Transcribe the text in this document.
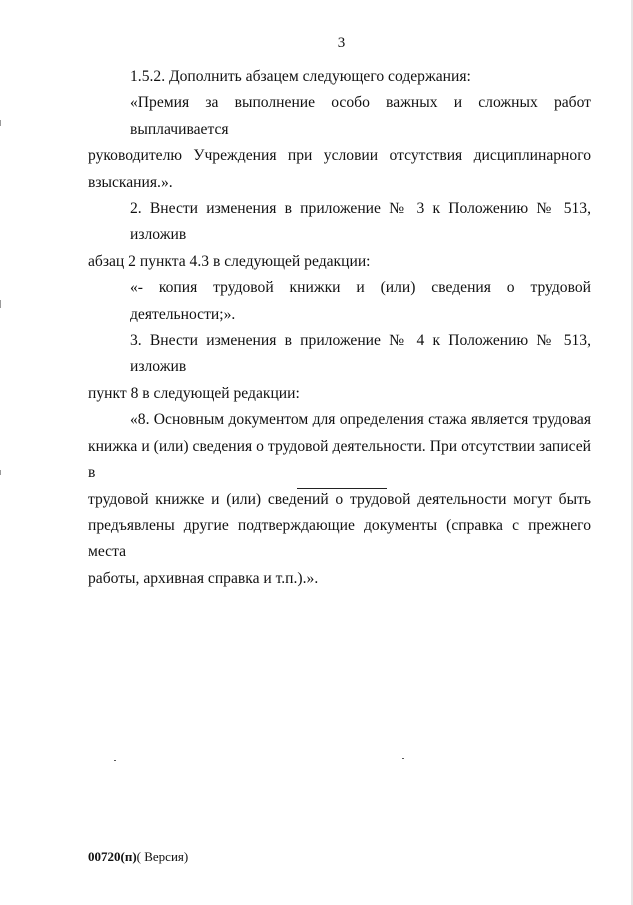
3

1.5.2. Дополнить абзацем следующего содержания:

«Премия за выполнение особо важных и сложных работ выплачивается
руководителю Учреждения при условии отсутствия дисциплинарного
взыскания.».

2. Внести изменения в приложение № 3 к Положению № 513, изложив
абзац 2 пункта 4.3 в следующей редакции:

«- копия трудовой книжки и (или) сведения о трудовой деятельности;».

3. Внести изменения в приложение № 4 к Положению № 513, изложив
пункт 8 в следующей редакции:

«8. Основным документом для определения стажа является трудовая
книжка и (или) сведения о трудовой деятельности. При отсутствии записей в
трудовой книжке и (или) сведений о трудовой деятельности могут быть
предъявлены другие подтверждающие документы (справка с прежнего места
работы, архивная справка и т.п.).».

00720(п)( Версия)
